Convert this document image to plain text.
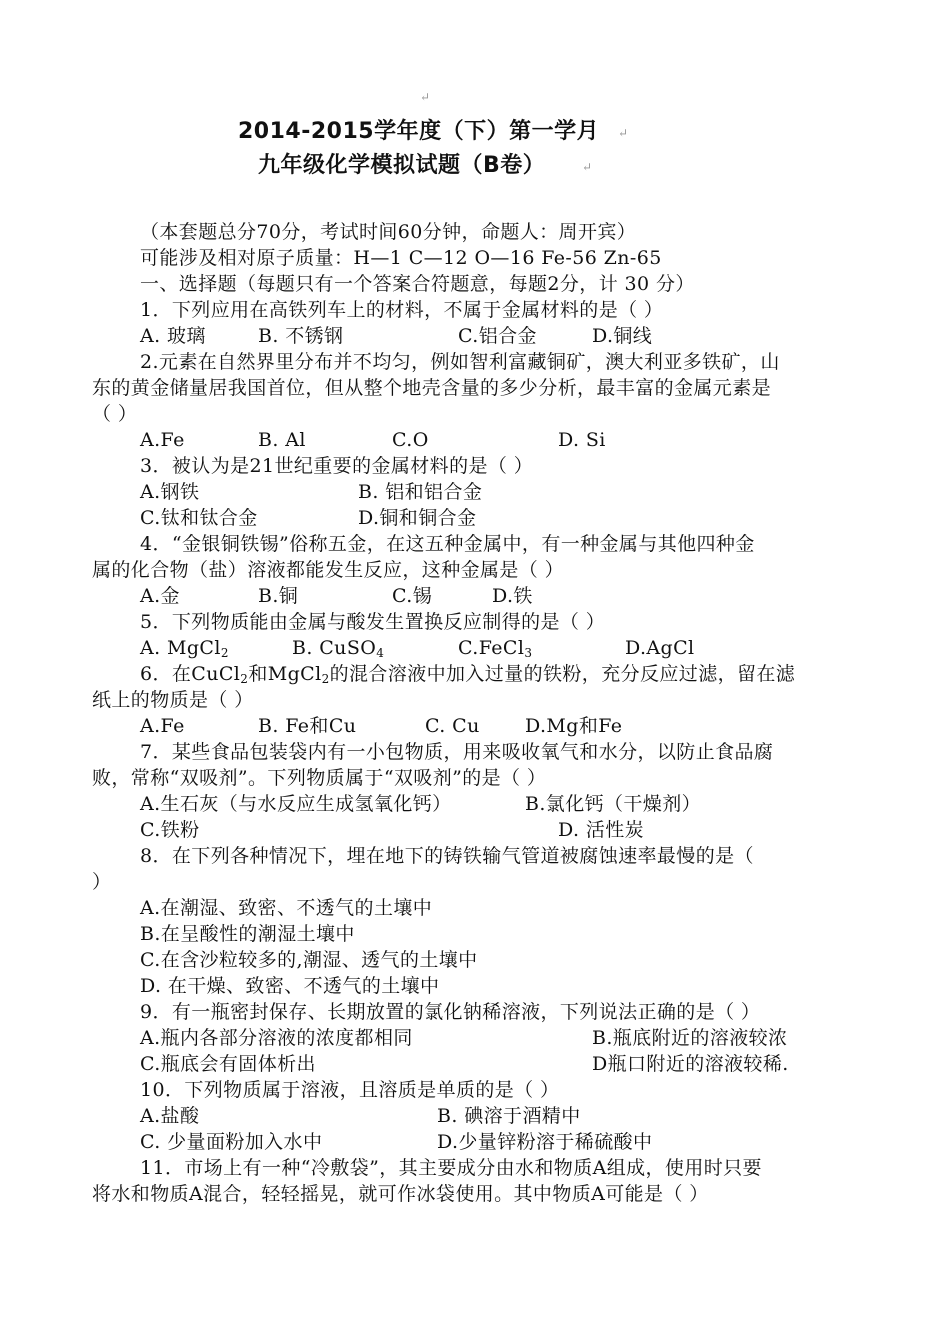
↵
2014-2015学年度（下）第一学月 ↵
九年级化学模拟试题（B卷）	↵
（本套题总分70分，考试时间60分钟，命题人：周开宾）
可能涉及相对原子质量：H—1 C—12 O—16 Fe-56 Zn-65
一、选择题（每题只有一个答案合符题意，每题2分，计 30 分）
1．下列应用在高铁列车上的材料，不属于金属材料的是（ ）
A. 玻璃	B. 不锈钢	C.铝合金	D.铜线
2.元素在自然界里分布并不均匀，例如智利富藏铜矿，澳大利亚多铁矿，山
东的黄金储量居我国首位，但从整个地壳含量的多少分析，最丰富的金属元素是
（ ）
A.Fe	B. Al	C.O	D. Si
3．被认为是21世纪重要的金属材料的是（ ）
A.钢铁	B. 铝和铝合金
C.钛和钛合金	D.铜和铜合金
4．“金银铜铁锡”俗称五金，在这五种金属中，有一种金属与其他四种金
属的化合物（盐）溶液都能发生反应，这种金属是（ ）
A.金	B.铜	C.锡	D.铁
5．下列物质能由金属与酸发生置换反应制得的是（ ）
A. MgCl$_2$	B. CuSO$_4$	C.FeCl$_3$	D.AgCl
6．在CuCl$_2$和MgCl$_2$的混合溶液中加入过量的铁粉，充分反应过滤，留在滤
纸上的物质是（ ）
A.Fe	B. Fe和Cu	C. Cu D.Mg和Fe
7．某些食品包装袋内有一小包物质，用来吸收氧气和水分，以防止食品腐
败，常称“双吸剂”。下列物质属于“双吸剂”的是（ ）
A.生石灰（与水反应生成氢氧化钙）	B.氯化钙（干燥剂）
C.铁粉	D. 活性炭
8．在下列各种情况下，埋在地下的铸铁输气管道被腐蚀速率最慢的是（
）
A.在潮湿、致密、不透气的土壤中
B.在呈酸性的潮湿土壤中
C.在含沙粒较多的,潮湿、透气的土壤中
D. 在干燥、致密、不透气的土壤中
9．有一瓶密封保存、长期放置的氯化钠稀溶液，下列说法正确的是（ ）
A.瓶内各部分溶液的浓度都相同	B.瓶底附近的溶液较浓
C.瓶底会有固体析出	D瓶口附近的溶液较稀.
10．下列物质属于溶液，且溶质是单质的是（ ）
A.盐酸	B. 碘溶于酒精中
C. 少量面粉加入水中	D.少量锌粉溶于稀硫酸中
11．市场上有一种“冷敷袋”，其主要成分由水和物质A组成，使用时只要
将水和物质A混合，轻轻摇晃，就可作冰袋使用。其中物质A可能是（ ）
